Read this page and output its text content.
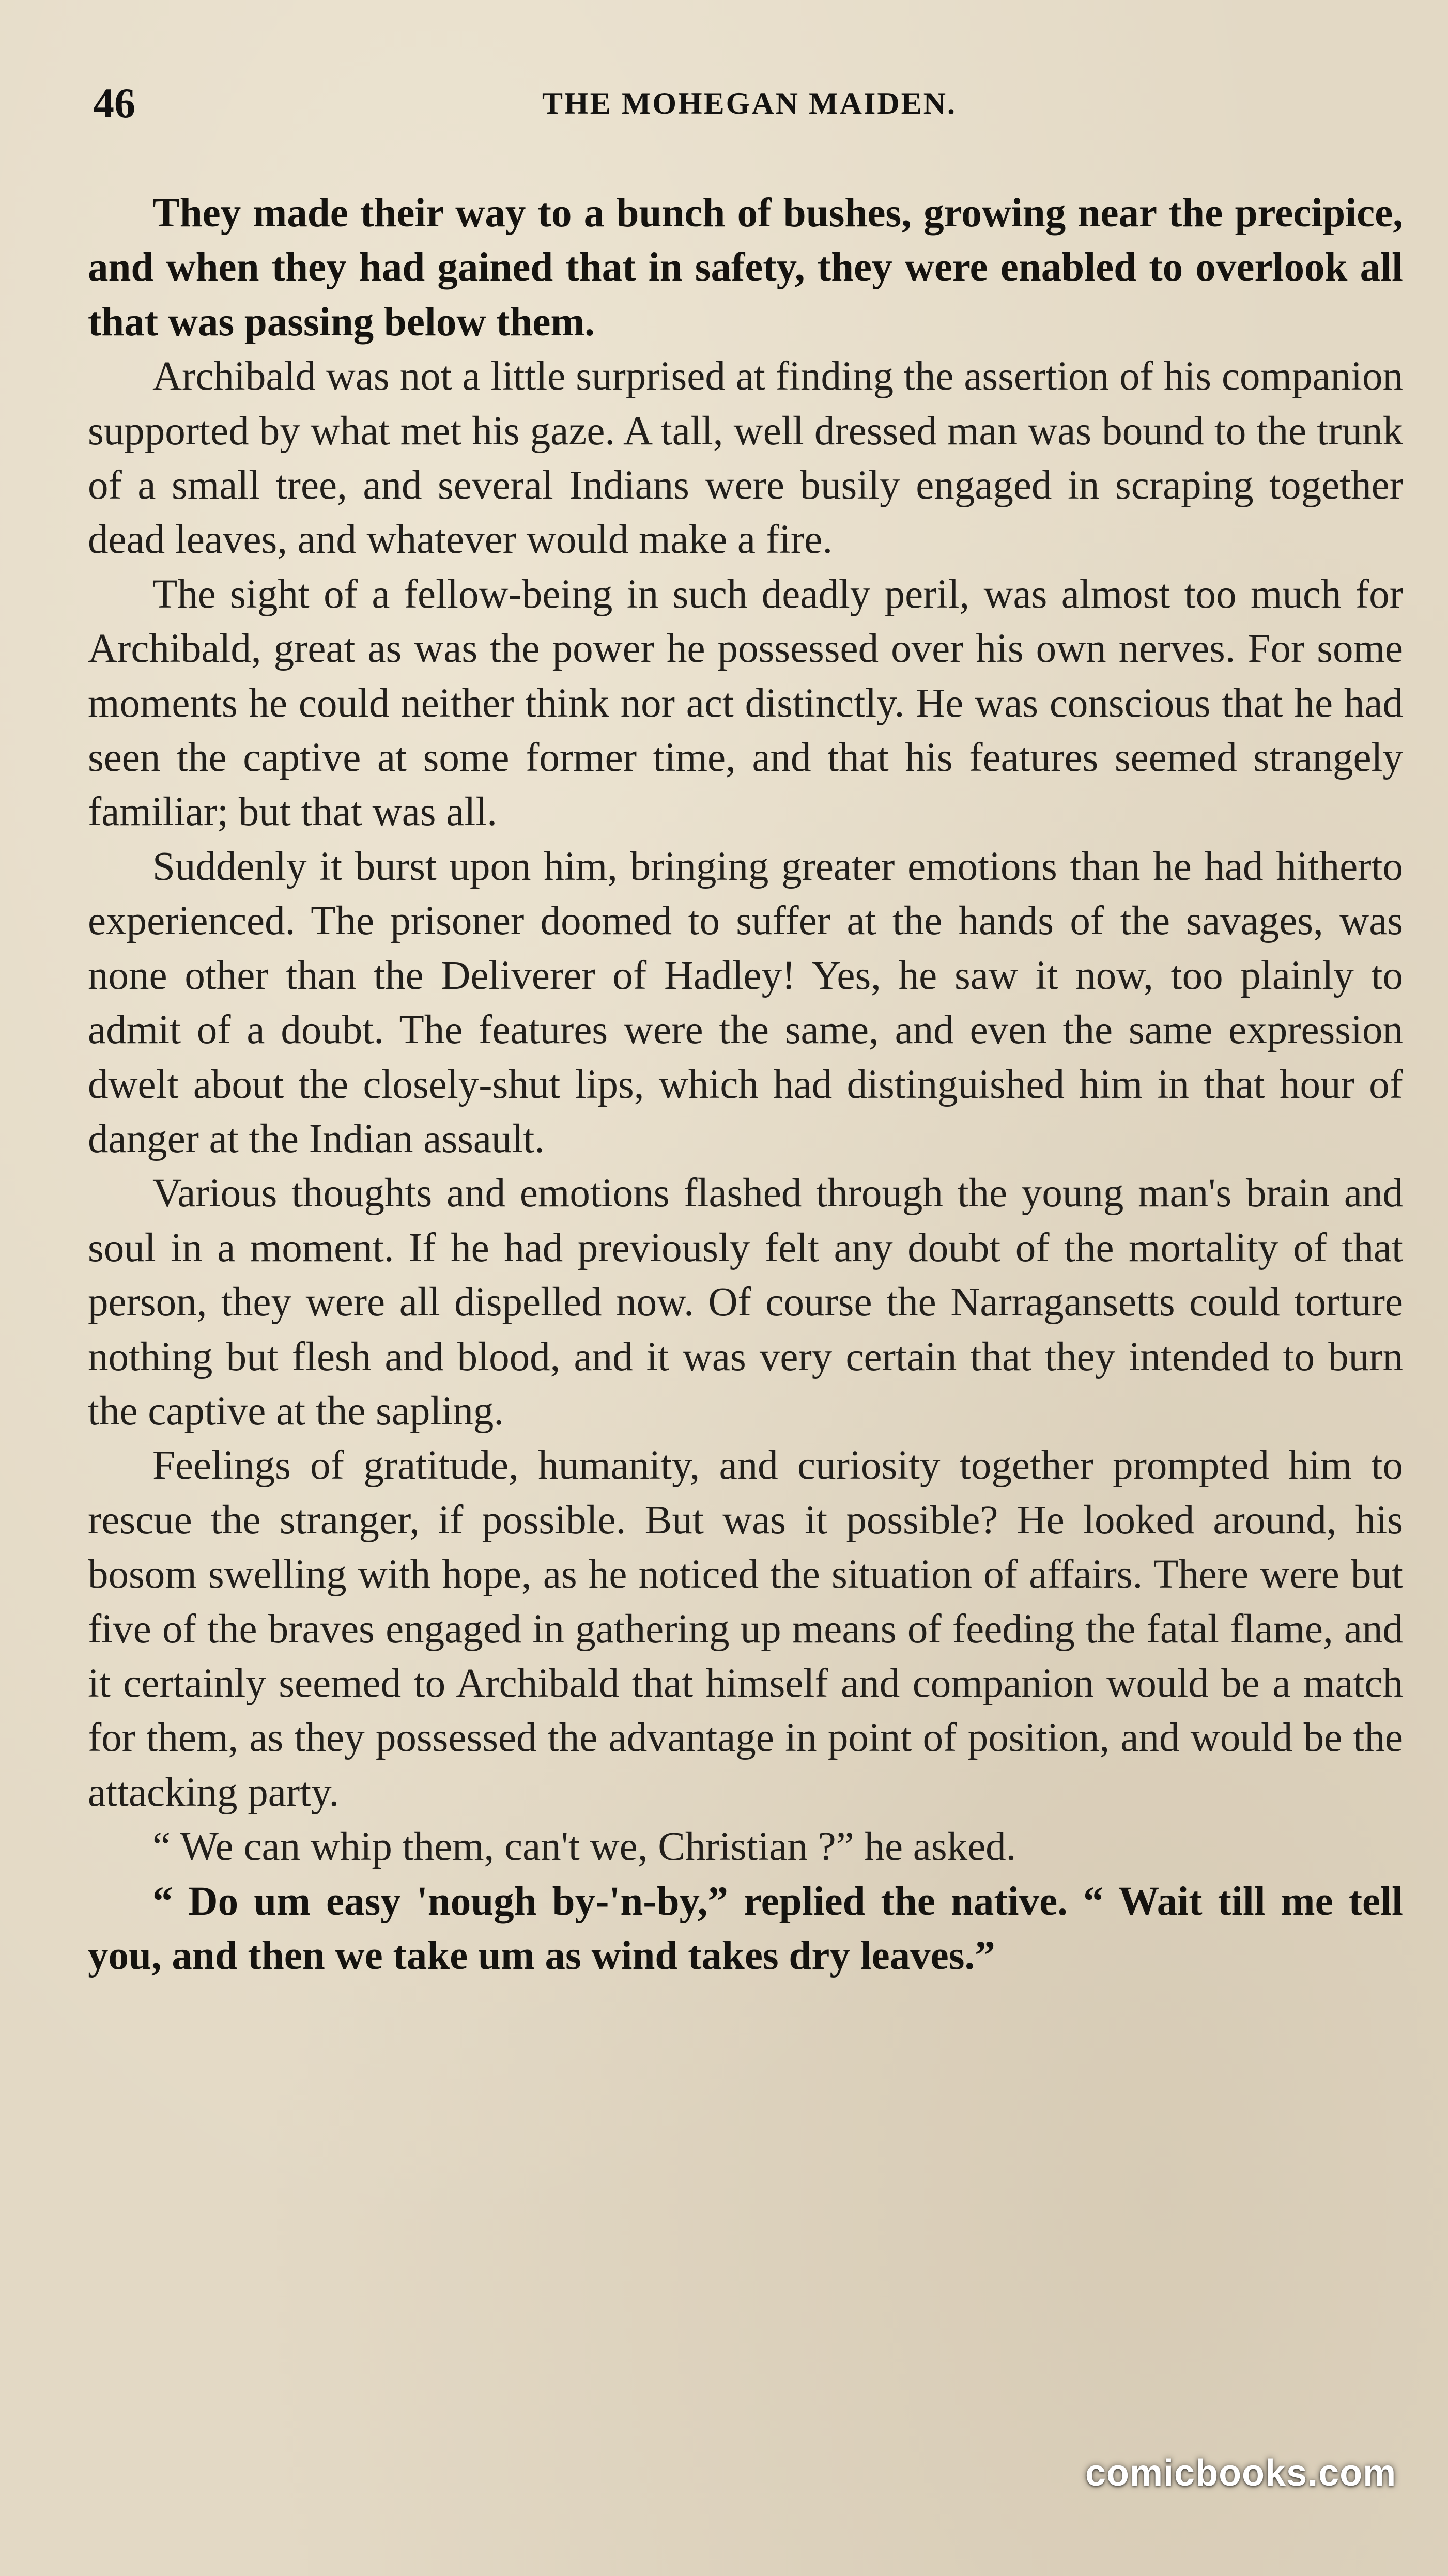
46	THE MOHEGAN MAIDEN.

They made their way to a bunch of bushes, growing near the precipice, and when they had gained that in safety, they were enabled to overlook all that was passing below them.

Archibald was not a little surprised at finding the assertion of his companion supported by what met his gaze. A tall, well dressed man was bound to the trunk of a small tree, and several Indians were busily engaged in scraping together dead leaves, and whatever would make a fire.

The sight of a fellow-being in such deadly peril, was almost too much for Archibald, great as was the power he possessed over his own nerves. For some moments he could neither think nor act distinctly. He was conscious that he had seen the captive at some former time, and that his features seemed strangely familiar; but that was all.

Suddenly it burst upon him, bringing greater emotions than he had hitherto experienced. The prisoner doomed to suffer at the hands of the savages, was none other than the Deliverer of Hadley! Yes, he saw it now, too plainly to admit of a doubt. The features were the same, and even the same expression dwelt about the closely-shut lips, which had distinguished him in that hour of danger at the Indian assault.

Various thoughts and emotions flashed through the young man's brain and soul in a moment. If he had previously felt any doubt of the mortality of that person, they were all dispelled now. Of course the Narragansetts could torture nothing but flesh and blood, and it was very certain that they intended to burn the captive at the sapling.

Feelings of gratitude, humanity, and curiosity together prompted him to rescue the stranger, if possible. But was it possible? He looked around, his bosom swelling with hope, as he noticed the situation of affairs. There were but five of the braves engaged in gathering up means of feeding the fatal flame, and it certainly seemed to Archibald that himself and companion would be a match for them, as they possessed the advantage in point of position, and would be the attacking party.

“ We can whip them, can't we, Christian ?” he asked.

“ Do um easy 'nough by-'n-by,” replied the native. “ Wait till me tell you, and then we take um as wind takes dry leaves.”

comicbooks.com
